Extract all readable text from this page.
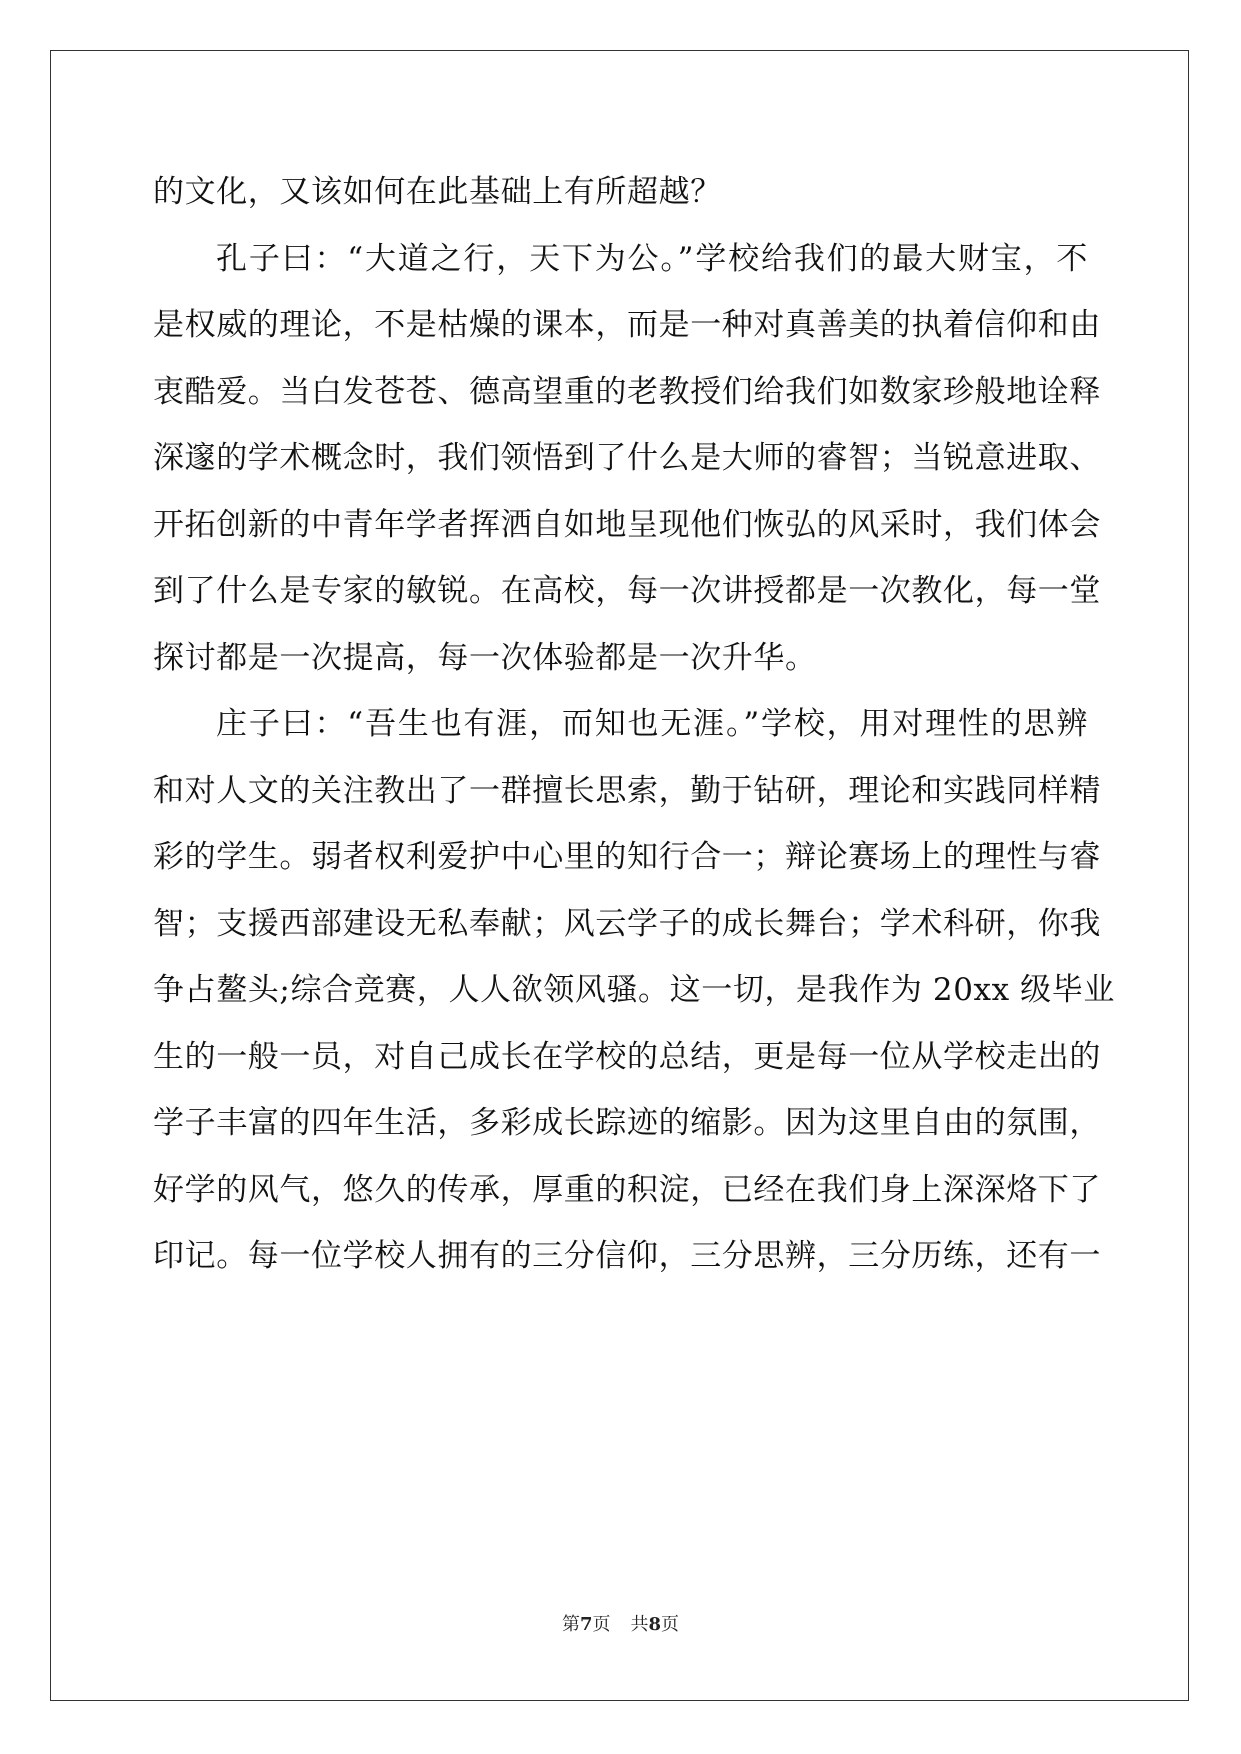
的文化，又该如何在此基础上有所超越？
孔子曰：“大道之行，天下为公。”学校给我们的最大财宝，不
是权威的理论，不是枯燥的课本，而是一种对真善美的执着信仰和由
衷酷爱。当白发苍苍、德高望重的老教授们给我们如数家珍般地诠释
深邃的学术概念时，我们领悟到了什么是大师的睿智；当锐意进取、
开拓创新的中青年学者挥洒自如地呈现他们恢弘的风采时，我们体会
到了什么是专家的敏锐。在高校，每一次讲授都是一次教化，每一堂
探讨都是一次提高，每一次体验都是一次升华。
庄子曰：“吾生也有涯，而知也无涯。”学校，用对理性的思辨
和对人文的关注教出了一群擅长思索，勤于钻研，理论和实践同样精
彩的学生。弱者权利爱护中心里的知行合一；辩论赛场上的理性与睿
智；支援西部建设无私奉献；风云学子的成长舞台；学术科研，你我
争占鳌头;综合竞赛，人人欲领风骚。这一切，是我作为 20xx 级毕业
生的一般一员，对自己成长在学校的总结，更是每一位从学校走出的
学子丰富的四年生活，多彩成长踪迹的缩影。因为这里自由的氛围，
好学的风气，悠久的传承，厚重的积淀，已经在我们身上深深烙下了
印记。每一位学校人拥有的三分信仰，三分思辨，三分历练，还有一
第7页 共8页
